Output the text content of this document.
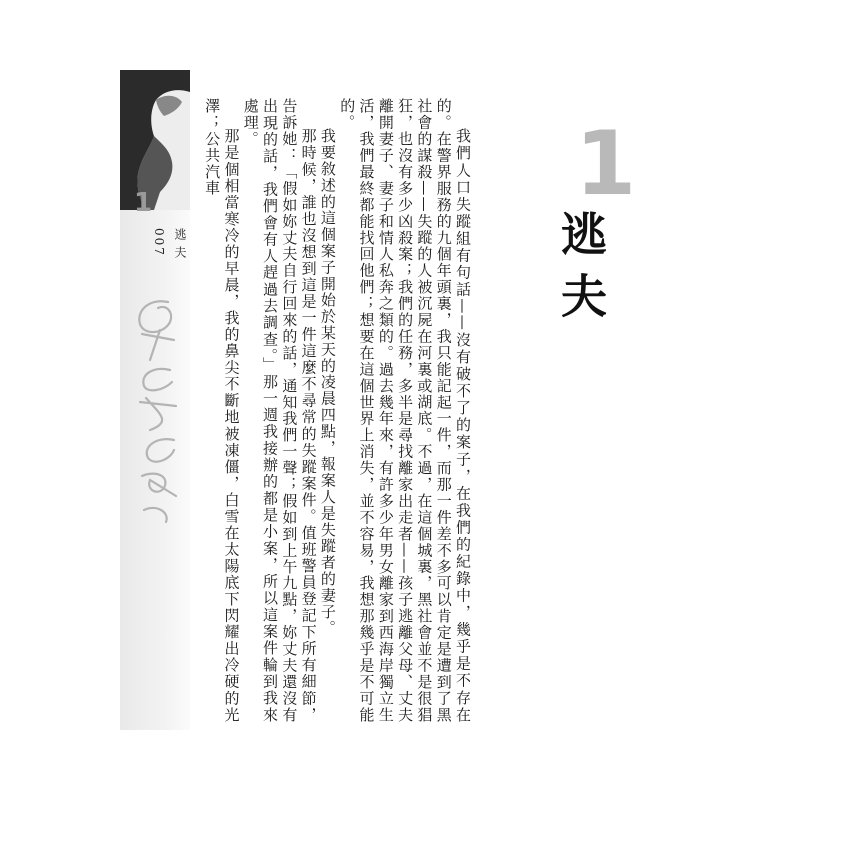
1
逃夫
007	我們人口失蹤組有句話——沒有破不了的案子，在我們的紀錄中，幾乎是不存在的。在警界服務的九個年頭裏，我只能記起一件，而那一件差不多可以肯定是遭到了黑社會的謀殺——失蹤的人被沉屍在河裏或湖底。不過，在這個城裏，黑社會並不是很猖狂，也沒有多少凶殺案；我們的任務，多半是尋找離家出走者——孩子逃離父母、丈夫離開妻子、妻子和情人私奔之類的。過去幾年來，有許多少年男女離家到西海岸獨立生活，我們最終都能找回他們；想要在這個世界上消失，並不容易，我想那幾乎是不可能的。

我要敘述的這個案子開始於某天的凌晨四點，報案人是失蹤者的妻子。

那時候，誰也沒想到這是一件這麼不尋常的失蹤案件。值班警員登記下所有細節，告訴她：「假如妳丈夫自行回來的話，通知我們一聲；假如到上午九點，妳丈夫還沒有出現的話，我們會有人趕過去調查。」那一週我接辦的都是小案，所以這案件輪到我來處理。

那是個相當寒冷的早晨，我的鼻尖不斷地被凍僵，白雪在太陽底下閃耀出冷硬的光澤；公共汽車	1
逃夫
